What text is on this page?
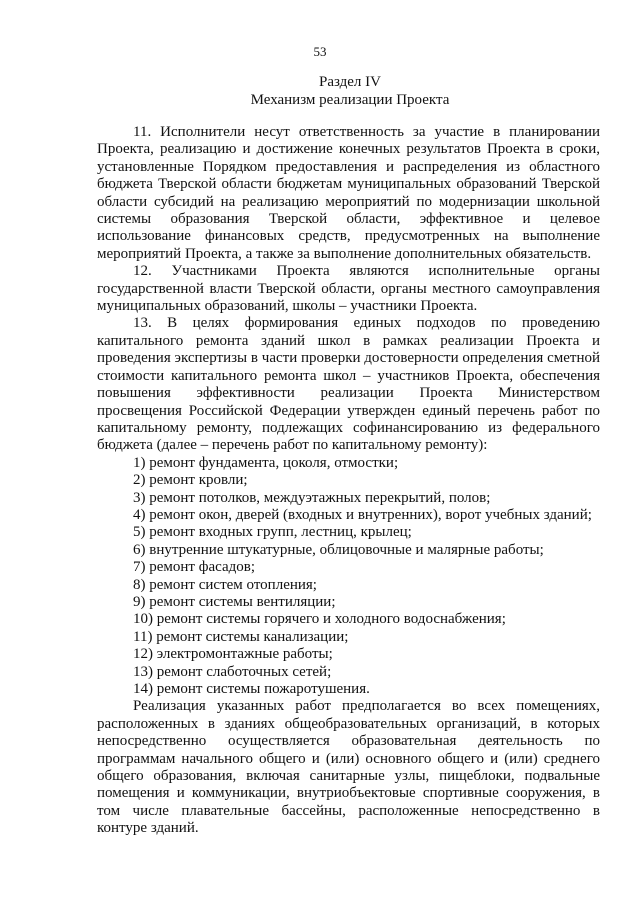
53
Раздел IV
Механизм реализации Проекта

11. Исполнители несут ответственность за участие в планировании Проекта, реализацию и достижение конечных результатов Проекта в сроки, установленные Порядком предоставления и распределения из областного бюджета Тверской области бюджетам муниципальных образований Тверской области субсидий на реализацию мероприятий по модернизации школьной системы образования Тверской области, эффективное и целевое использование финансовых средств, предусмотренных на выполнение мероприятий Проекта, а также за выполнение дополнительных обязательств.

12. Участниками Проекта являются исполнительные органы государственной власти Тверской области, органы местного самоуправления муниципальных образований, школы – участники Проекта.

13. В целях формирования единых подходов по проведению капитального ремонта зданий школ в рамках реализации Проекта и проведения экспертизы в части проверки достоверности определения сметной стоимости капитального ремонта школ – участников Проекта, обеспечения повышения эффективности реализации Проекта Министерством просвещения Российской Федерации утвержден единый перечень работ по капитальному ремонту, подлежащих софинансированию из федерального бюджета (далее – перечень работ по капитальному ремонту):

1) ремонт фундамента, цоколя, отмостки;
2) ремонт кровли;
3) ремонт потолков, междуэтажных перекрытий, полов;
4) ремонт окон, дверей (входных и внутренних), ворот учебных зданий;
5) ремонт входных групп, лестниц, крылец;
6) внутренние штукатурные, облицовочные и малярные работы;
7) ремонт фасадов;
8) ремонт систем отопления;
9) ремонт системы вентиляции;
10) ремонт системы горячего и холодного водоснабжения;
11) ремонт системы канализации;
12) электромонтажные работы;
13) ремонт слаботочных сетей;
14) ремонт системы пожаротушения.

Реализация указанных работ предполагается во всех помещениях, расположенных в зданиях общеобразовательных организаций, в которых непосредственно осуществляется образовательная деятельность по программам начального общего и (или) основного общего и (или) среднего общего образования, включая санитарные узлы, пищеблоки, подвальные помещения и коммуникации, внутриобъектовые спортивные сооружения, в том числе плавательные бассейны, расположенные непосредственно в контуре зданий.
